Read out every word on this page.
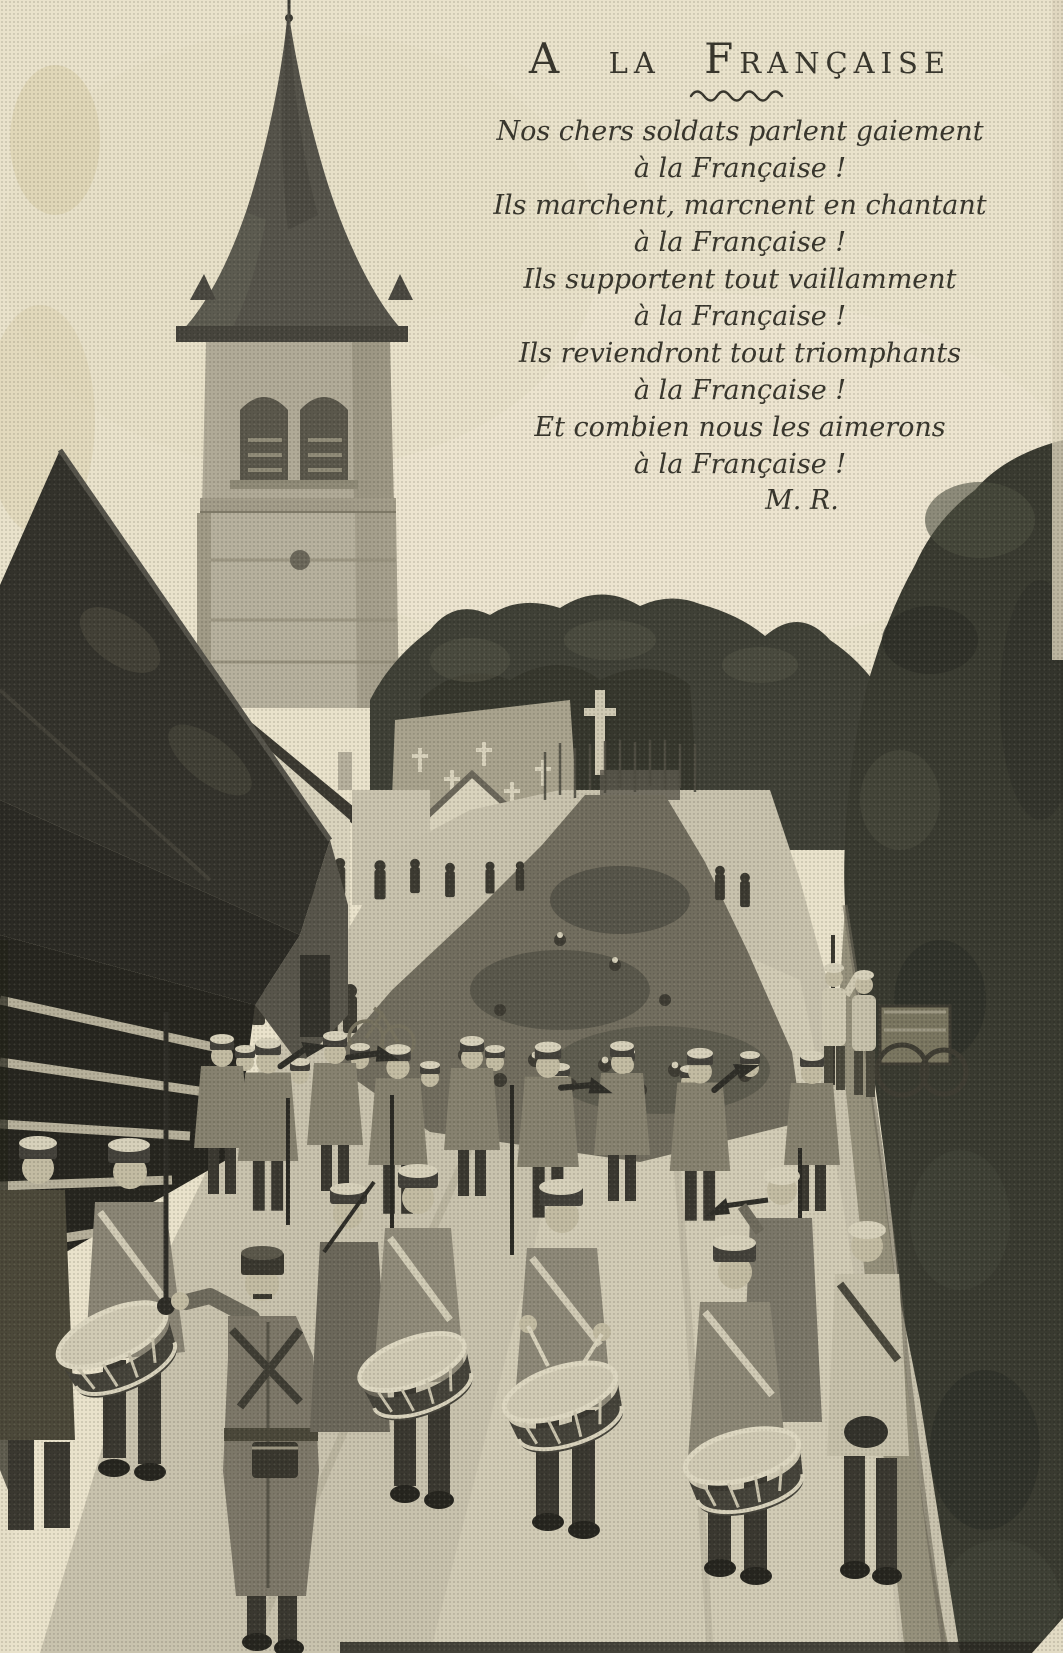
A la Française
Nos chers soldats parlent gaiement
à la Française !
Ils marchent, marcnent en chantant
à la Française !
Ils supportent tout vaillamment
à la Française !
Ils reviendront tout triomphants
à la Française !
Et combien nous les aimerons
à la Française !
M. R.
